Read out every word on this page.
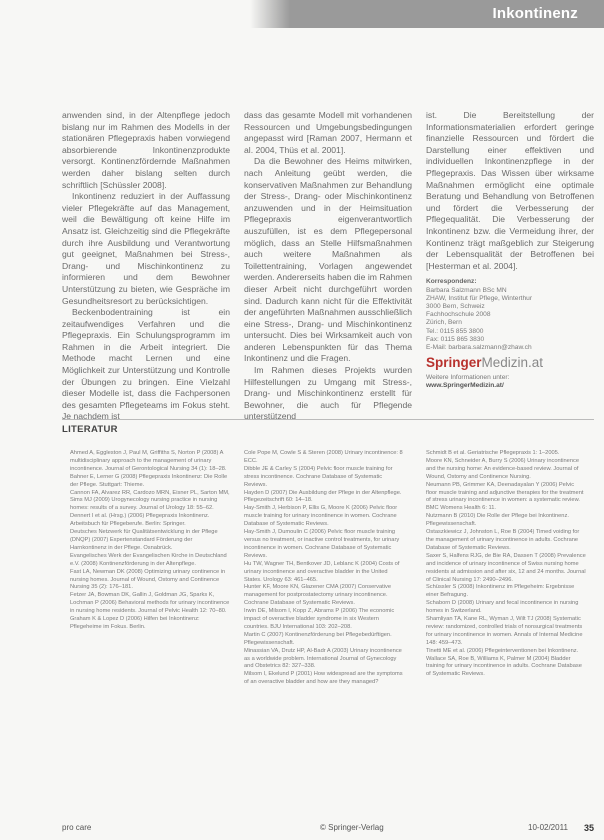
Inkontinenz

anwenden sind, in der Altenpflege jedoch bislang nur im Rahmen des Modells in der stationären Pflegepraxis haben vorwiegend absorbierende Inkontinenzprodukte versorgt. Kontinenzfördernde Maßnahmen werden daher bislang selten durch schriftlich [Schüssler 2008].

Inkontinenz reduziert in der Auffassung vieler Pflegekräfte auf das Management, weil die Bewältigung oft keine Hilfe im Ansatz ist. Gleichzeitig sind die Pflegekräfte durch ihre Ausbildung und Verantwortung gut geeignet, Maßnahmen bei Stress-, Drang- und Mischinkontinenz zu informieren und dem Bewohner Unterstützung zu bieten, wie Gespräche im Gesundheitsresort zu berücksichtigen.

Beckenbodentraining ist ein zeitaufwendiges Verfahren und die Pflegepraxis. Ein Schulungsprogramm im Rahmen in die Arbeit integriert. Die Methode macht Lernen und eine Möglichkeit zur Unterstützung und Kontrolle der Übungen zu bringen. Eine Vielzahl dieser Modelle ist, dass die Fachpersonen des gesamten Pflegeteams im Fokus steht. Je nachdem ist

dass das gesamte Modell mit vorhandenen Ressourcen und Umgebungsbedingungen angepasst wird [Raman 2007, Hermann et al. 2004, Thüs et al. 2001].

Da die Bewohner des Heims mitwirken, nach Anleitung geübt werden, die konservativen Maßnahmen zur Behandlung der Stress-, Drang- oder Mischinkontinenz anzuwenden und in der Heimsituation Pflegepraxis eigenverantwortlich auszufüllen, ist es dem Pflegepersonal möglich, dass an Stelle Hilfsmaßnahmen auch weitere Maßnahmen als Toilettentraining, Vorlagen angewendet werden. Andererseits haben die im Rahmen dieser Arbeit nicht durchgeführt worden sind. Dadurch kann nicht für die Effektivität der angeführten Maßnahmen ausschließlich eine Stress-, Drang- und Mischinkontinenz untersucht. Dies bei Wirksamkeit auch von anderen Lebenspunkten für das Thema Inkontinenz und die Fragen.

Im Rahmen dieses Projekts wurden Hilfestellungen zu Umgang mit Stress-, Drang- und Mischinkontinenz erstellt für Bewohner, die auch für Pflegende unterstützend

ist. Die Bereitstellung der Informationsmaterialien erfordert geringe finanzielle Ressourcen und fördert die Darstellung einer effektiven und individuellen Inkontinenzpflege in der Pflegepraxis. Das Wissen über wirksame Maßnahmen ermöglicht eine optimale Beratung und Behandlung von Betroffenen und fördert die Verbesserung der Pflegequalität. Die Verbesserung der Inkontinenz bzw. die Vermeidung ihrer, der Kontinenz trägt maßgeblich zur Steigerung der Lebensqualität der Betroffenen bei [Hesterman et al. 2004].

Korrespondenz:
Barbara Salzmann BSc MN
ZHAW, Institut für Pflege, Winterthur
3000 Bern, Schweiz
Fachhochschule 2008
Zürich, Bern
Tel.: 0115 855 3800
Fax: 0115 865 3830
E-Mail: barbara.salzmann@zhaw.ch
SpringerMedizin.at
Weitere Informationen unter:
www.SpringerMedizin.at/
LITERATUR

Ahmed A, Eggleston J, Paul M, Griffiths S, Norton P (2008) A multidisciplinary approach to the management of urinary incontinence. Journal of Gerontological Nursing 34 (1): 18–28.

Bahner E, Lerner G (2008) Pflegepraxis Inkontinenz: Die Rolle der Pflege. Stuttgart: Thieme.

Cannon FA, Alvarez RR, Cardozo MRN, Eisner PL, Sarton MM, Sims MJ (2009) Urogynecology nursing practice in nursing homes: results of a survey. Journal of Urology 18: 55–62.

Dennert I et al. (Hrsg.) (2006) Pflegepraxis Inkontinenz. Arbeitsbuch für Pflegeberufe. Berlin: Springer.

Deutsches Netzwerk für Qualitätsentwicklung in der Pflege (DNQP) (2007) Expertenstandard Förderung der Harnkontinenz in der Pflege. Osnabrück.

Evangelisches Werk der Evangelischen Kirche in Deutschland e.V. (2008) Kontinenzförderung in der Altenpflege.

Fast LA, Newman DK (2008) Optimizing urinary continence in nursing homes. Journal of Wound, Ostomy and Continence Nursing 35 (2): 176–181.

Fetzer JA, Bowman DK, Gallin J, Goldman JG, Sparks K, Lochman P (2006) Behavioral methods for urinary incontinence in nursing home residents. Journal of Pelvic Health 12: 70–80.

Graham K & Lopez D (2006) Hilfen bei Inkontinenz: Pflegeheime im Fokus. Berlin.

Cole Pope M, Cowle S & Steren (2008) Urinary incontinence: 8 ECC.

Dibble JE & Carley S (2004) Pelvic floor muscle training for stress incontinence. Cochrane Database of Systematic Reviews.

Hayden D (2007) Die Ausbildung der Pflege in der Altenpflege. Pflegezeitschrift 60: 14–18.

Hay-Smith J, Herbison P, Ellis G, Moore K (2006) Pelvic floor muscle training for urinary incontinence in women. Cochrane Database of Systematic Reviews.

Hay-Smith J, Dumoulin C (2006) Pelvic floor muscle training versus no treatment, or inactive control treatments, for urinary incontinence in women. Cochrane Database of Systematic Reviews.

Hu TW, Wagner TH, Bentkover JD, Leblanc K (2004) Costs of urinary incontinence and overactive bladder in the United States. Urology 63: 461–465.

Hunter KF, Moore KN, Glazener CMA (2007) Conservative management for postprostatectomy urinary incontinence. Cochrane Database of Systematic Reviews.

Irwin DE, Milsom I, Kopp Z, Abrams P (2006) The economic impact of overactive bladder syndrome in six Western countries. BJU International 103: 202–208.

Martin C (2007) Kontinenzförderung bei Pflegebedürftigen. Pflegewissenschaft.

Minassian VA, Drutz HP, Al-Badr A (2003) Urinary incontinence as a worldwide problem. International Journal of Gynecology and Obstetrics 82: 327–338.

Milsom I, Ekelund P (2001) How widespread are the symptoms of an overactive bladder and how are they managed?

Schmidt B et al. Geriatrische Pflegepraxis 1: 1–2005.

Moore KN, Schneider A, Burry S (2006) Urinary incontinence and the nursing home: An evidence-based review. Journal of Wound, Ostomy and Continence Nursing.

Neumann PB, Grimmer KA, Deenadayalan Y (2006) Pelvic floor muscle training and adjunctive therapies for the treatment of stress urinary incontinence in women: a systematic review. BMC Womens Health 6: 11.

Nutzmann B (2010) Die Rolle der Pflege bei Inkontinenz. Pflegewissenschaft.

Ostaszkiewicz J, Johnston L, Roe B (2004) Timed voiding for the management of urinary incontinence in adults. Cochrane Database of Systematic Reviews.

Saxer S, Halfens RJG, de Bie RA, Dassen T (2008) Prevalence and incidence of urinary incontinence of Swiss nursing home residents at admission and after six, 12 and 24 months. Journal of Clinical Nursing 17: 2490–2496.

Schüssler S (2008) Inkontinenz im Pflegeheim: Ergebnisse einer Befragung.

Schaborn D (2008) Urinary and fecal incontinence in nursing homes in Switzerland.

Shamliyan TA, Kane RL, Wyman J, Wilt TJ (2008) Systematic review: randomized, controlled trials of nonsurgical treatments for urinary incontinence in women. Annals of Internal Medicine 148: 459–473.

Tinetti ME et al. (2006) Pflegeinterventionen bei Inkontinenz.

Wallace SA, Roe B, Williams K, Palmer M (2004) Bladder training for urinary incontinence in adults. Cochrane Database of Systematic Reviews.

pro care	© Springer-Verlag	10-02/2011 35
